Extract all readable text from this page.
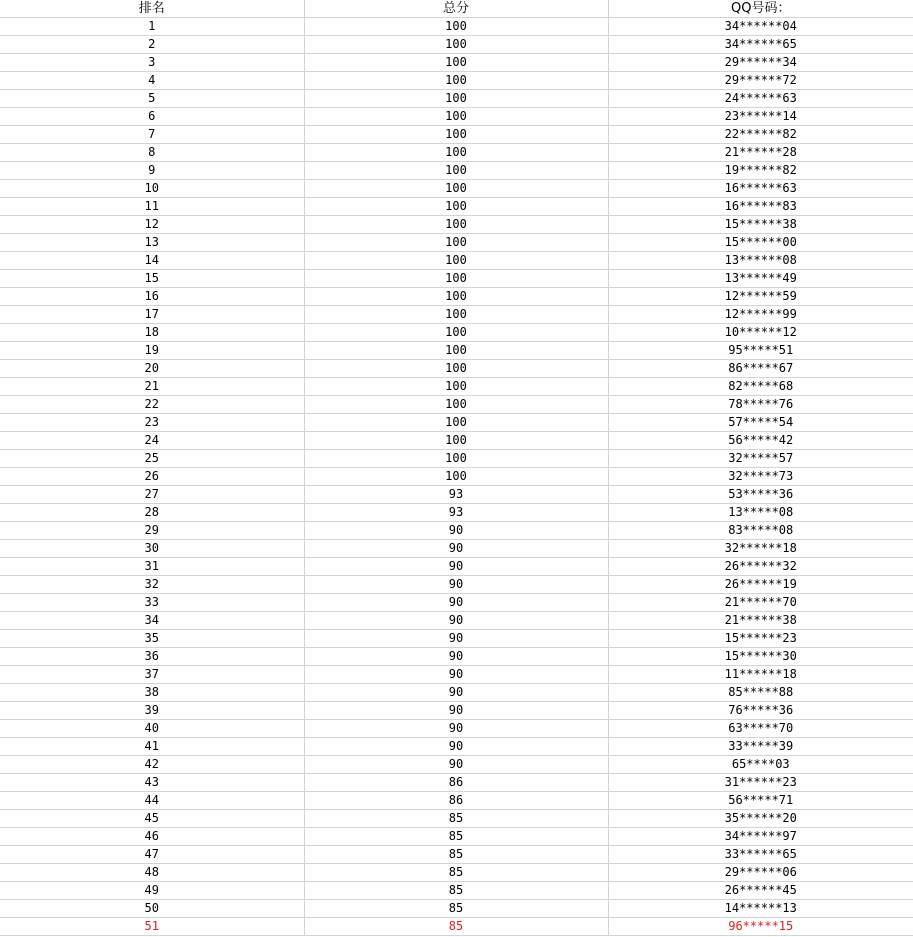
排名	总分	QQ号码：
1	100	34******04
2	100	34******65
3	100	29******34
4	100	29******72
5	100	24******63
6	100	23******14
7	100	22******82
8	100	21******28
9	100	19******82
10	100	16******63
11	100	16******83
12	100	15******38
13	100	15******00
14	100	13******08
15	100	13******49
16	100	12******59
17	100	12******99
18	100	10******12
19	100	95*****51
20	100	86*****67
21	100	82*****68
22	100	78*****76
23	100	57*****54
24	100	56*****42
25	100	32*****57
26	100	32*****73
27	93	53*****36
28	93	13*****08
29	90	83*****08
30	90	32******18
31	90	26******32
32	90	26******19
33	90	21******70
34	90	21******38
35	90	15******23
36	90	15******30
37	90	11******18
38	90	85*****88
39	90	76*****36
40	90	63*****70
41	90	33*****39
42	90	65****03
43	86	31******23
44	86	56*****71
45	85	35******20
46	85	34******97
47	85	33******65
48	85	29******06
49	85	26******45
50	85	14******13
51	85	96*****15
